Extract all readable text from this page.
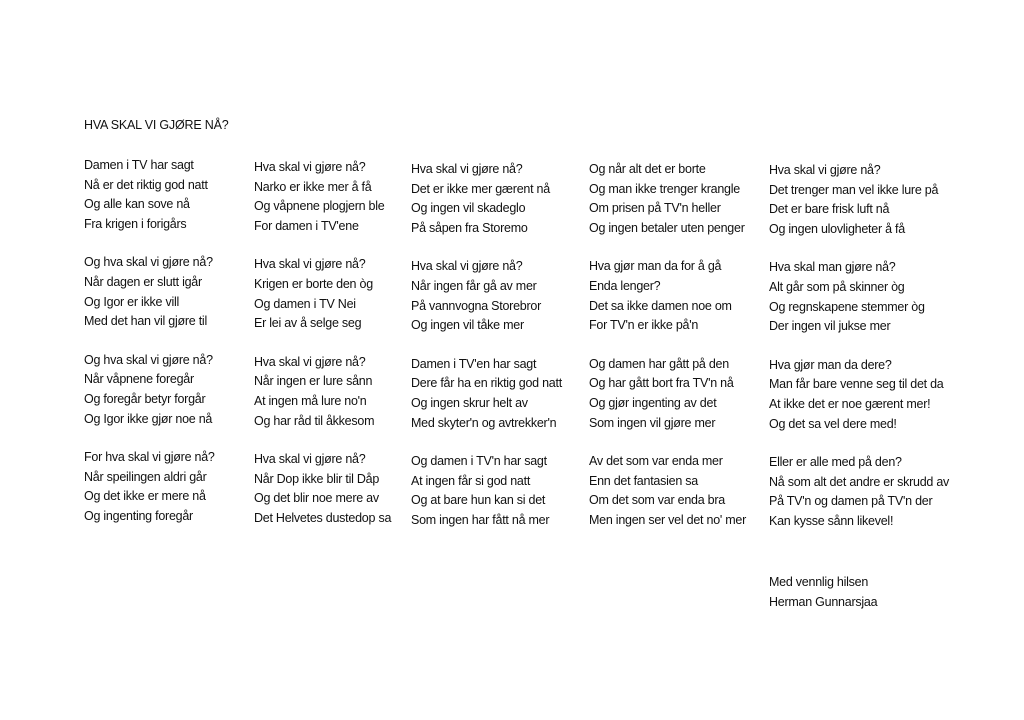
HVA SKAL VI GJØRE NÅ?
Damen i TV har sagt
Nå er det riktig god natt
Og alle kan sove nå
Fra krigen i forigårs
Og hva skal vi gjøre nå?
Når dagen er slutt igår
Og Igor er ikke vill
Med det han vil gjøre til
Og hva skal vi gjøre nå?
Når våpnene foregår
Og foregår betyr forgår
Og Igor ikke gjør noe nå
For hva skal vi gjøre nå?
Når speilingen aldri går
Og det ikke er mere nå
Og ingenting foregår
Hva skal vi gjøre nå?
Narko er ikke mer å få
Og våpnene plogjern ble
For damen i TV'ene
Hva skal vi gjøre nå?
Krigen er borte den òg
Og damen i TV Nei
Er lei av å selge seg
Hva skal vi gjøre nå?
Når ingen er lure sånn
At ingen må lure no'n
Og har råd til åkkesom
Hva skal vi gjøre nå?
Når Dop ikke blir til Dåp
Og det blir noe mere av
Det Helvetes dustedop sa
Hva skal vi gjøre nå?
Det er ikke mer gærent nå
Og ingen vil skadeglo
På såpen fra Storemo
Hva skal vi gjøre nå?
Når ingen får gå av mer
På vannvogna Storebror
Og ingen vil tåke mer
Damen i TV'en har sagt
Dere får ha en riktig god natt
Og ingen skrur helt av
Med skyter'n og avtrekker'n
Og damen i TV'n har sagt
At ingen får si god natt
Og at bare hun kan si det
Som ingen har fått nå mer
Og når alt det er borte
Og man ikke trenger krangle
Om prisen på TV'n heller
Og ingen betaler uten penger
Hva gjør man da for å gå
Enda lenger?
Det sa ikke damen noe om
For TV'n er ikke på'n
Og damen har gått på den
Og har gått bort fra TV'n nå
Og gjør ingenting av det
Som ingen vil gjøre mer
Av det som var enda mer
Enn det fantasien sa
Om det som var enda bra
Men ingen ser vel det no' mer
Hva skal vi gjøre nå?
Det trenger man vel ikke lure på
Det er bare frisk luft nå
Og ingen ulovligheter å få
Hva skal man gjøre nå?
Alt går som på skinner òg
Og regnskapene stemmer òg
Der ingen vil jukse mer
Hva gjør man da dere?
Man får bare venne seg til det da
At ikke det er noe gærent mer!
Og det sa vel dere med!
Eller er alle med på den?
Nå som alt det andre er skrudd av
På TV'n og damen på TV'n der
Kan kysse sånn likevel!
Med vennlig hilsen
Herman Gunnarsjaa
